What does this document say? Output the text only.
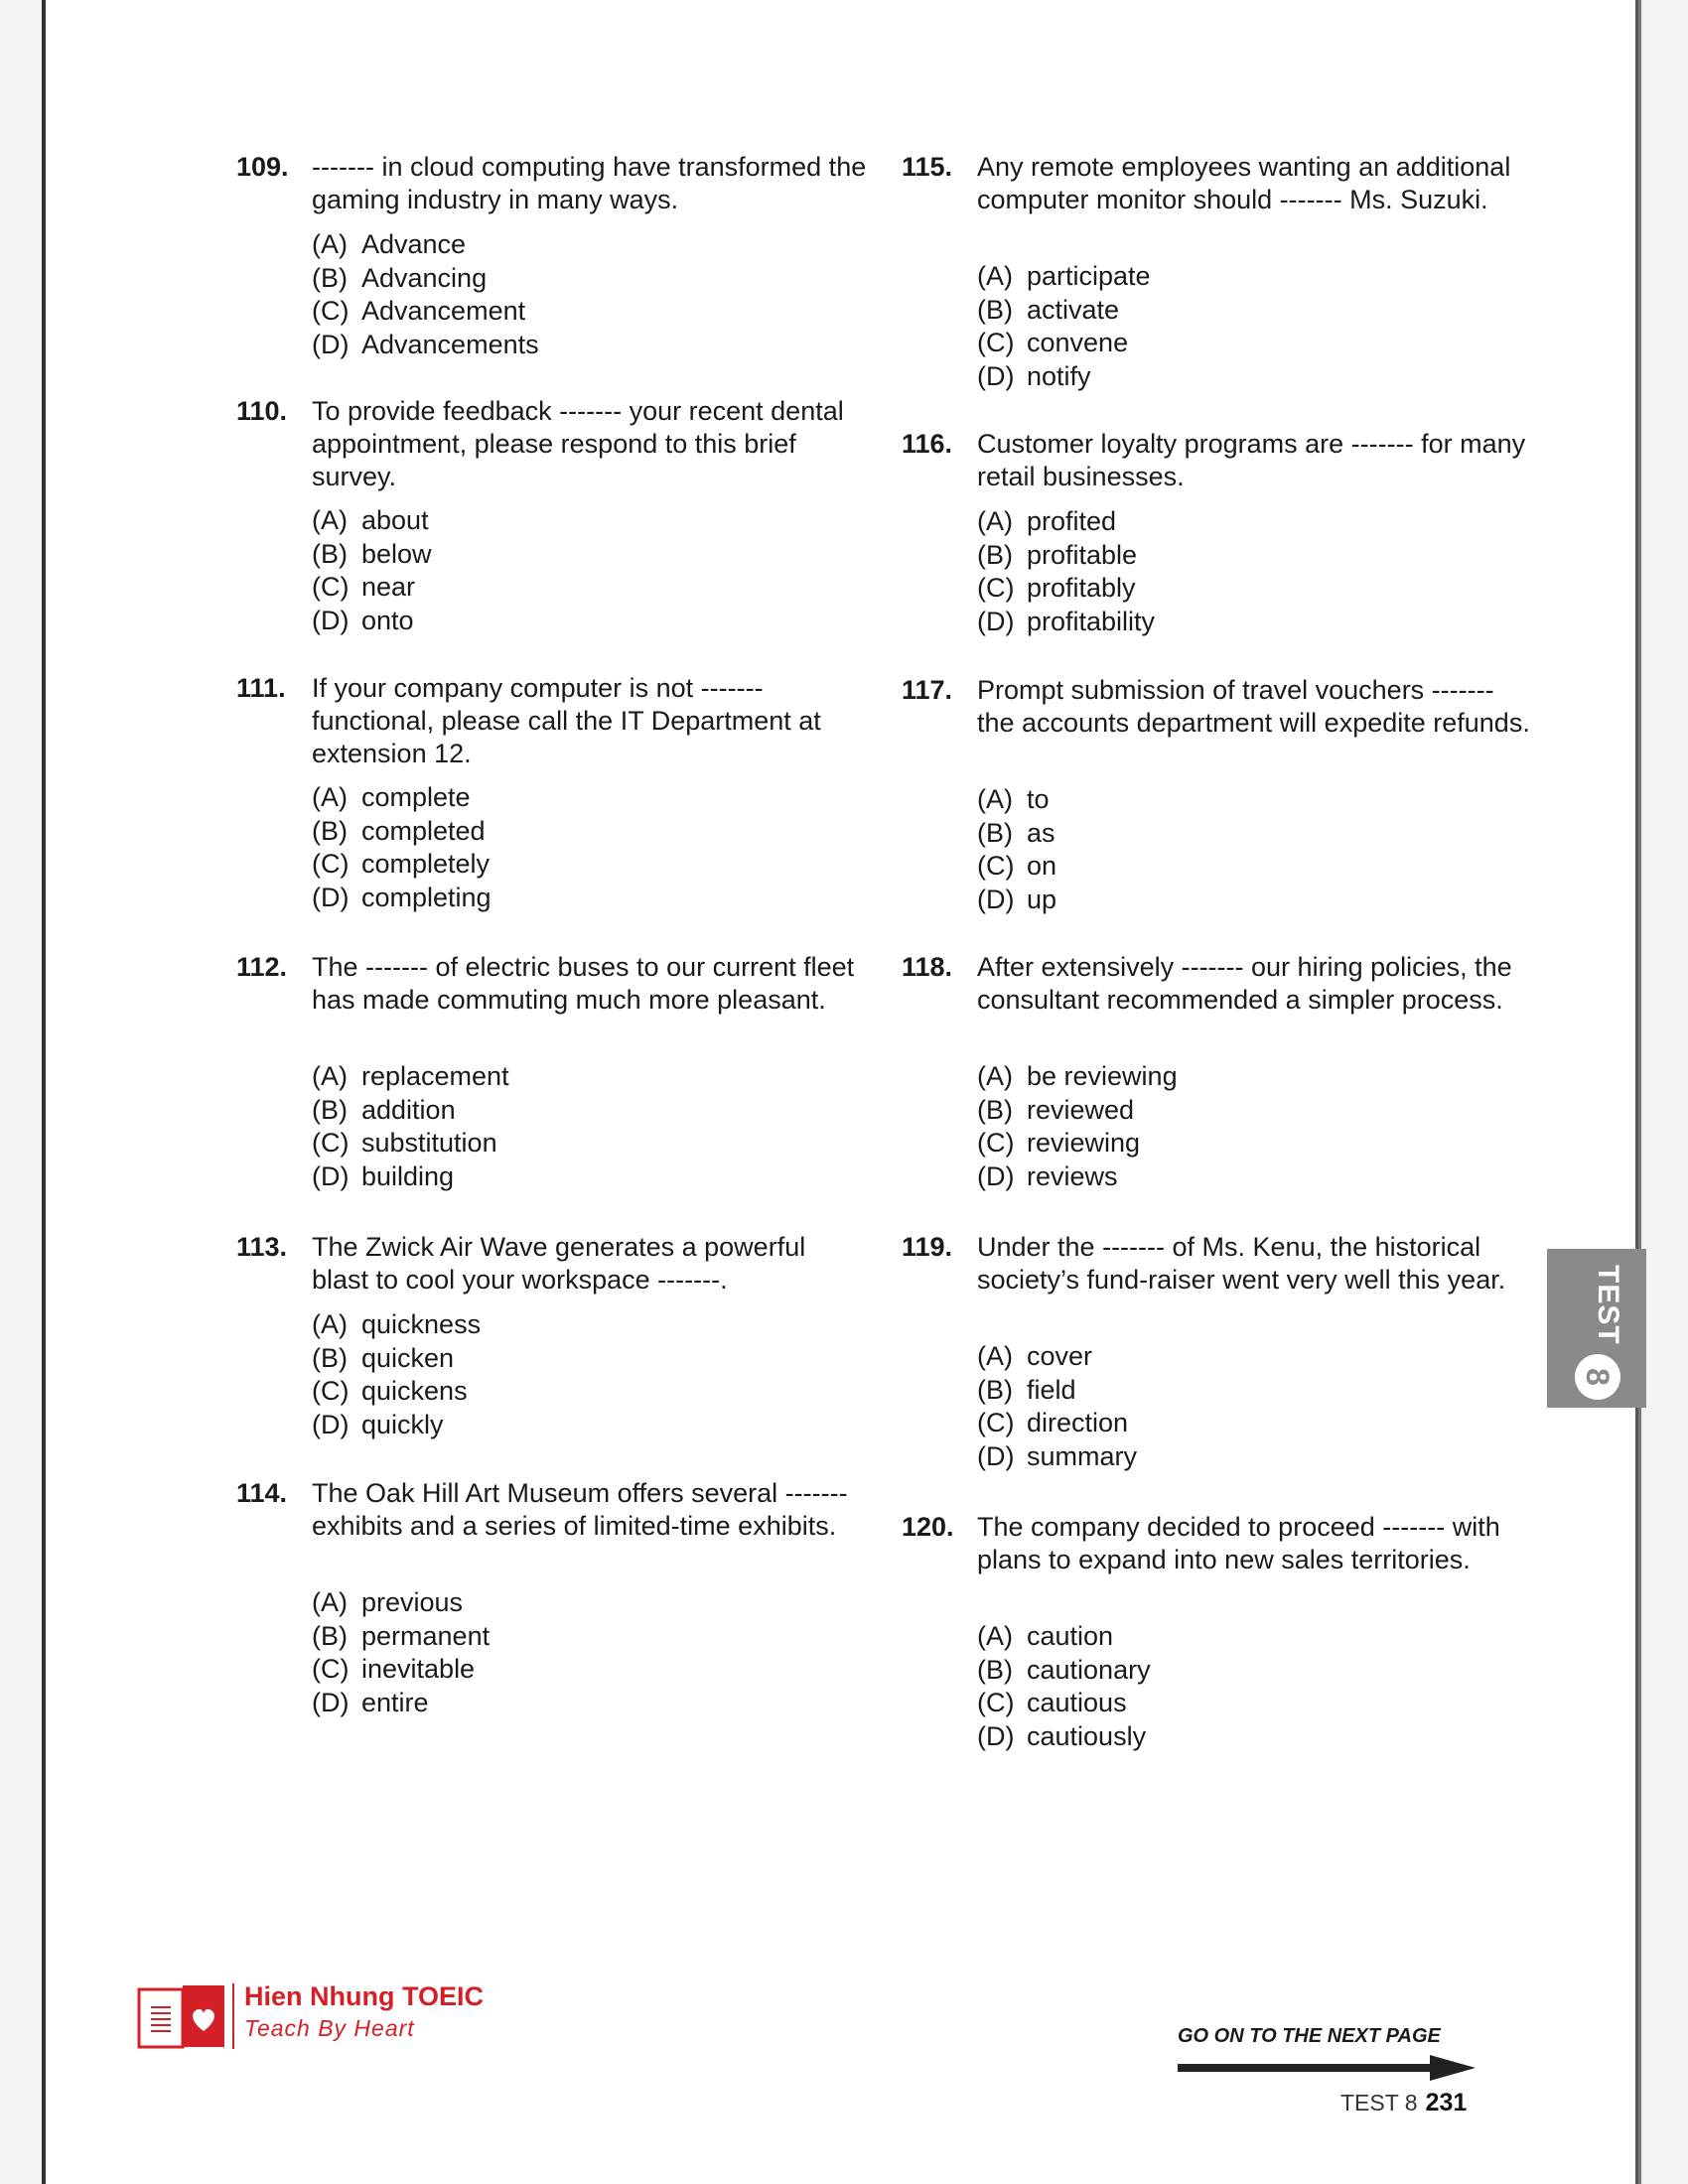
109. ------- in cloud computing have transformed the gaming industry in many ways.
(A) Advance
(B) Advancing
(C) Advancement
(D) Advancements
110. To provide feedback ------- your recent dental appointment, please respond to this brief survey.
(A) about
(B) below
(C) near
(D) onto
111. If your company computer is not ------- functional, please call the IT Department at extension 12.
(A) complete
(B) completed
(C) completely
(D) completing
112. The ------- of electric buses to our current fleet has made commuting much more pleasant.
(A) replacement
(B) addition
(C) substitution
(D) building
113. The Zwick Air Wave generates a powerful blast to cool your workspace -------.
(A) quickness
(B) quicken
(C) quickens
(D) quickly
114. The Oak Hill Art Museum offers several ------- exhibits and a series of limited-time exhibits.
(A) previous
(B) permanent
(C) inevitable
(D) entire
115. Any remote employees wanting an additional computer monitor should ------- Ms. Suzuki.
(A) participate
(B) activate
(C) convene
(D) notify
116. Customer loyalty programs are ------- for many retail businesses.
(A) profited
(B) profitable
(C) profitably
(D) profitability
117. Prompt submission of travel vouchers ------- the accounts department will expedite refunds.
(A) to
(B) as
(C) on
(D) up
118. After extensively ------- our hiring policies, the consultant recommended a simpler process.
(A) be reviewing
(B) reviewed
(C) reviewing
(D) reviews
119. Under the ------- of Ms. Kenu, the historical society’s fund-raiser went very well this year.
(A) cover
(B) field
(C) direction
(D) summary
120. The company decided to proceed ------- with plans to expand into new sales territories.
(A) caution
(B) cautionary
(C) cautious
(D) cautiously
TEST
8
Hien Nhung TOEIC
Teach By Heart	GO ON TO THE NEXT PAGE
TEST 8 231
